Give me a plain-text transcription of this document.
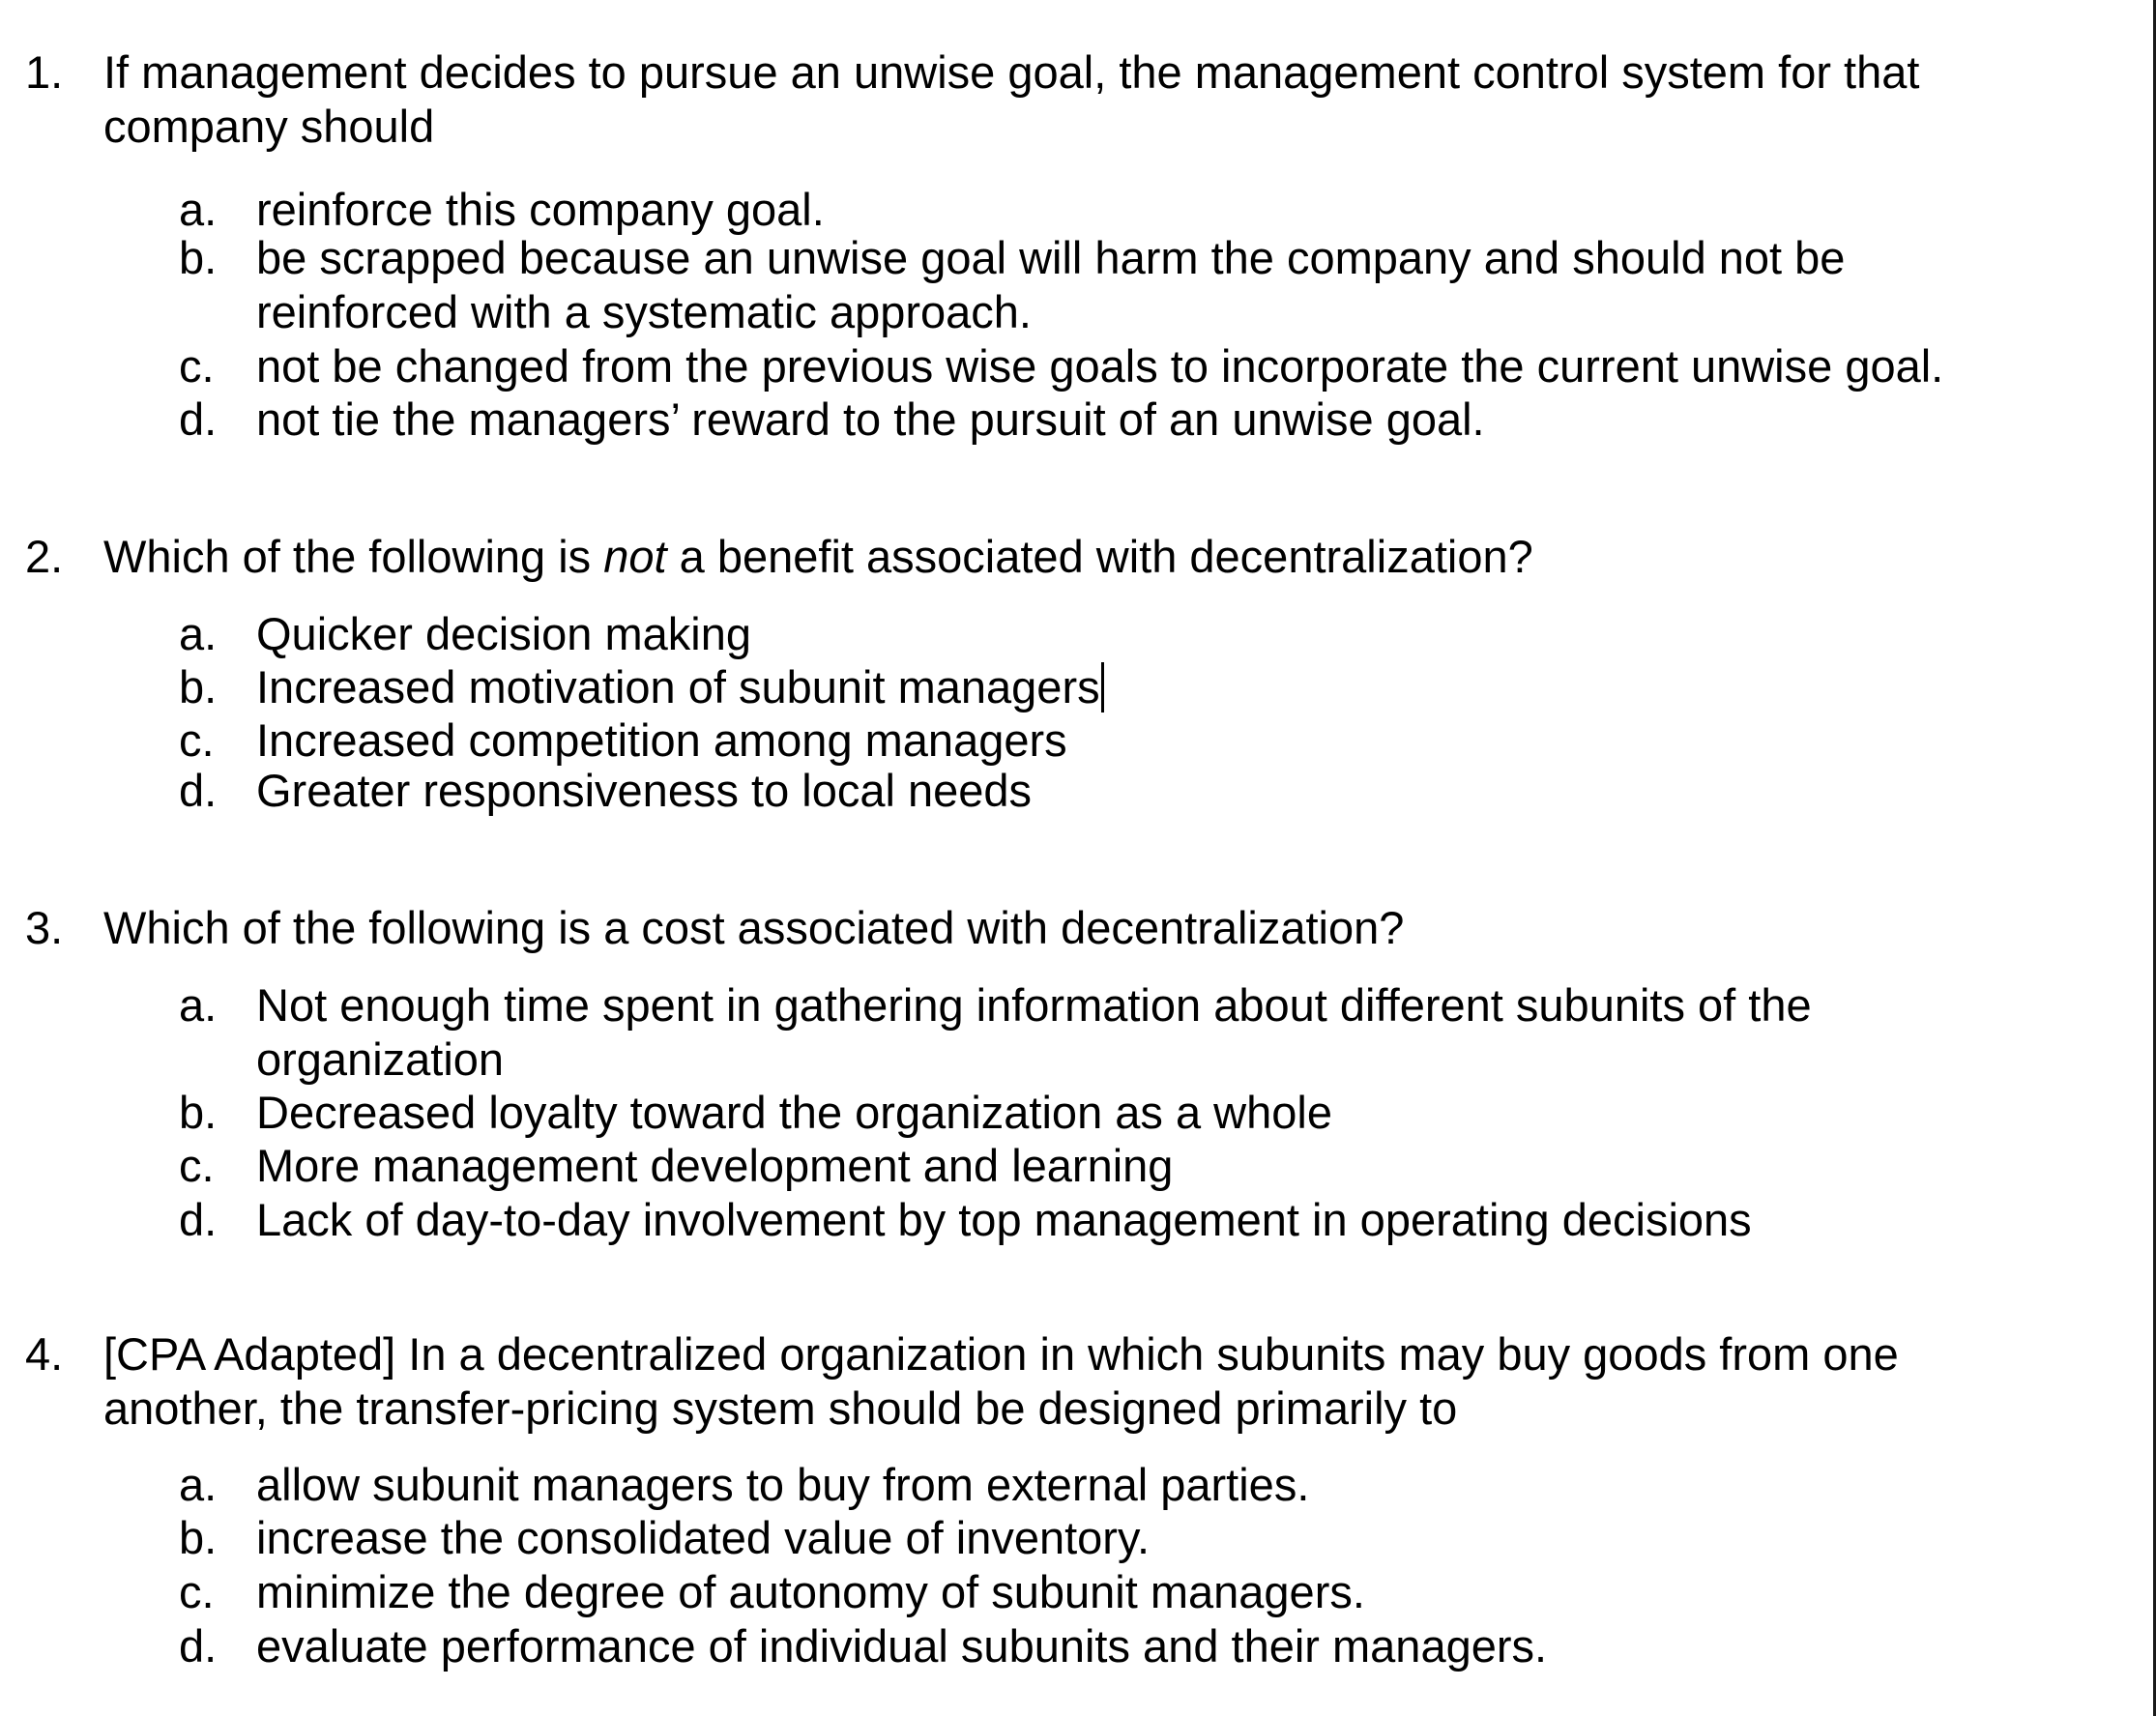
1. If management decides to pursue an unwise goal, the management control system for that
company should
a. reinforce this company goal.
b. be scrapped because an unwise goal will harm the company and should not be
reinforced with a systematic approach.
c. not be changed from the previous wise goals to incorporate the current unwise goal.
d. not tie the managers’ reward to the pursuit of an unwise goal.
2. Which of the following is not a benefit associated with decentralization?
a. Quicker decision making
b. Increased motivation of subunit managers
c. Increased competition among managers
d. Greater responsiveness to local needs
3. Which of the following is a cost associated with decentralization?
a. Not enough time spent in gathering information about different subunits of the
organization
b. Decreased loyalty toward the organization as a whole
c. More management development and learning
d. Lack of day-to-day involvement by top management in operating decisions
4. [CPA Adapted] In a decentralized organization in which subunits may buy goods from one
another, the transfer-pricing system should be designed primarily to
a. allow subunit managers to buy from external parties.
b. increase the consolidated value of inventory.
c. minimize the degree of autonomy of subunit managers.
d. evaluate performance of individual subunits and their managers.
